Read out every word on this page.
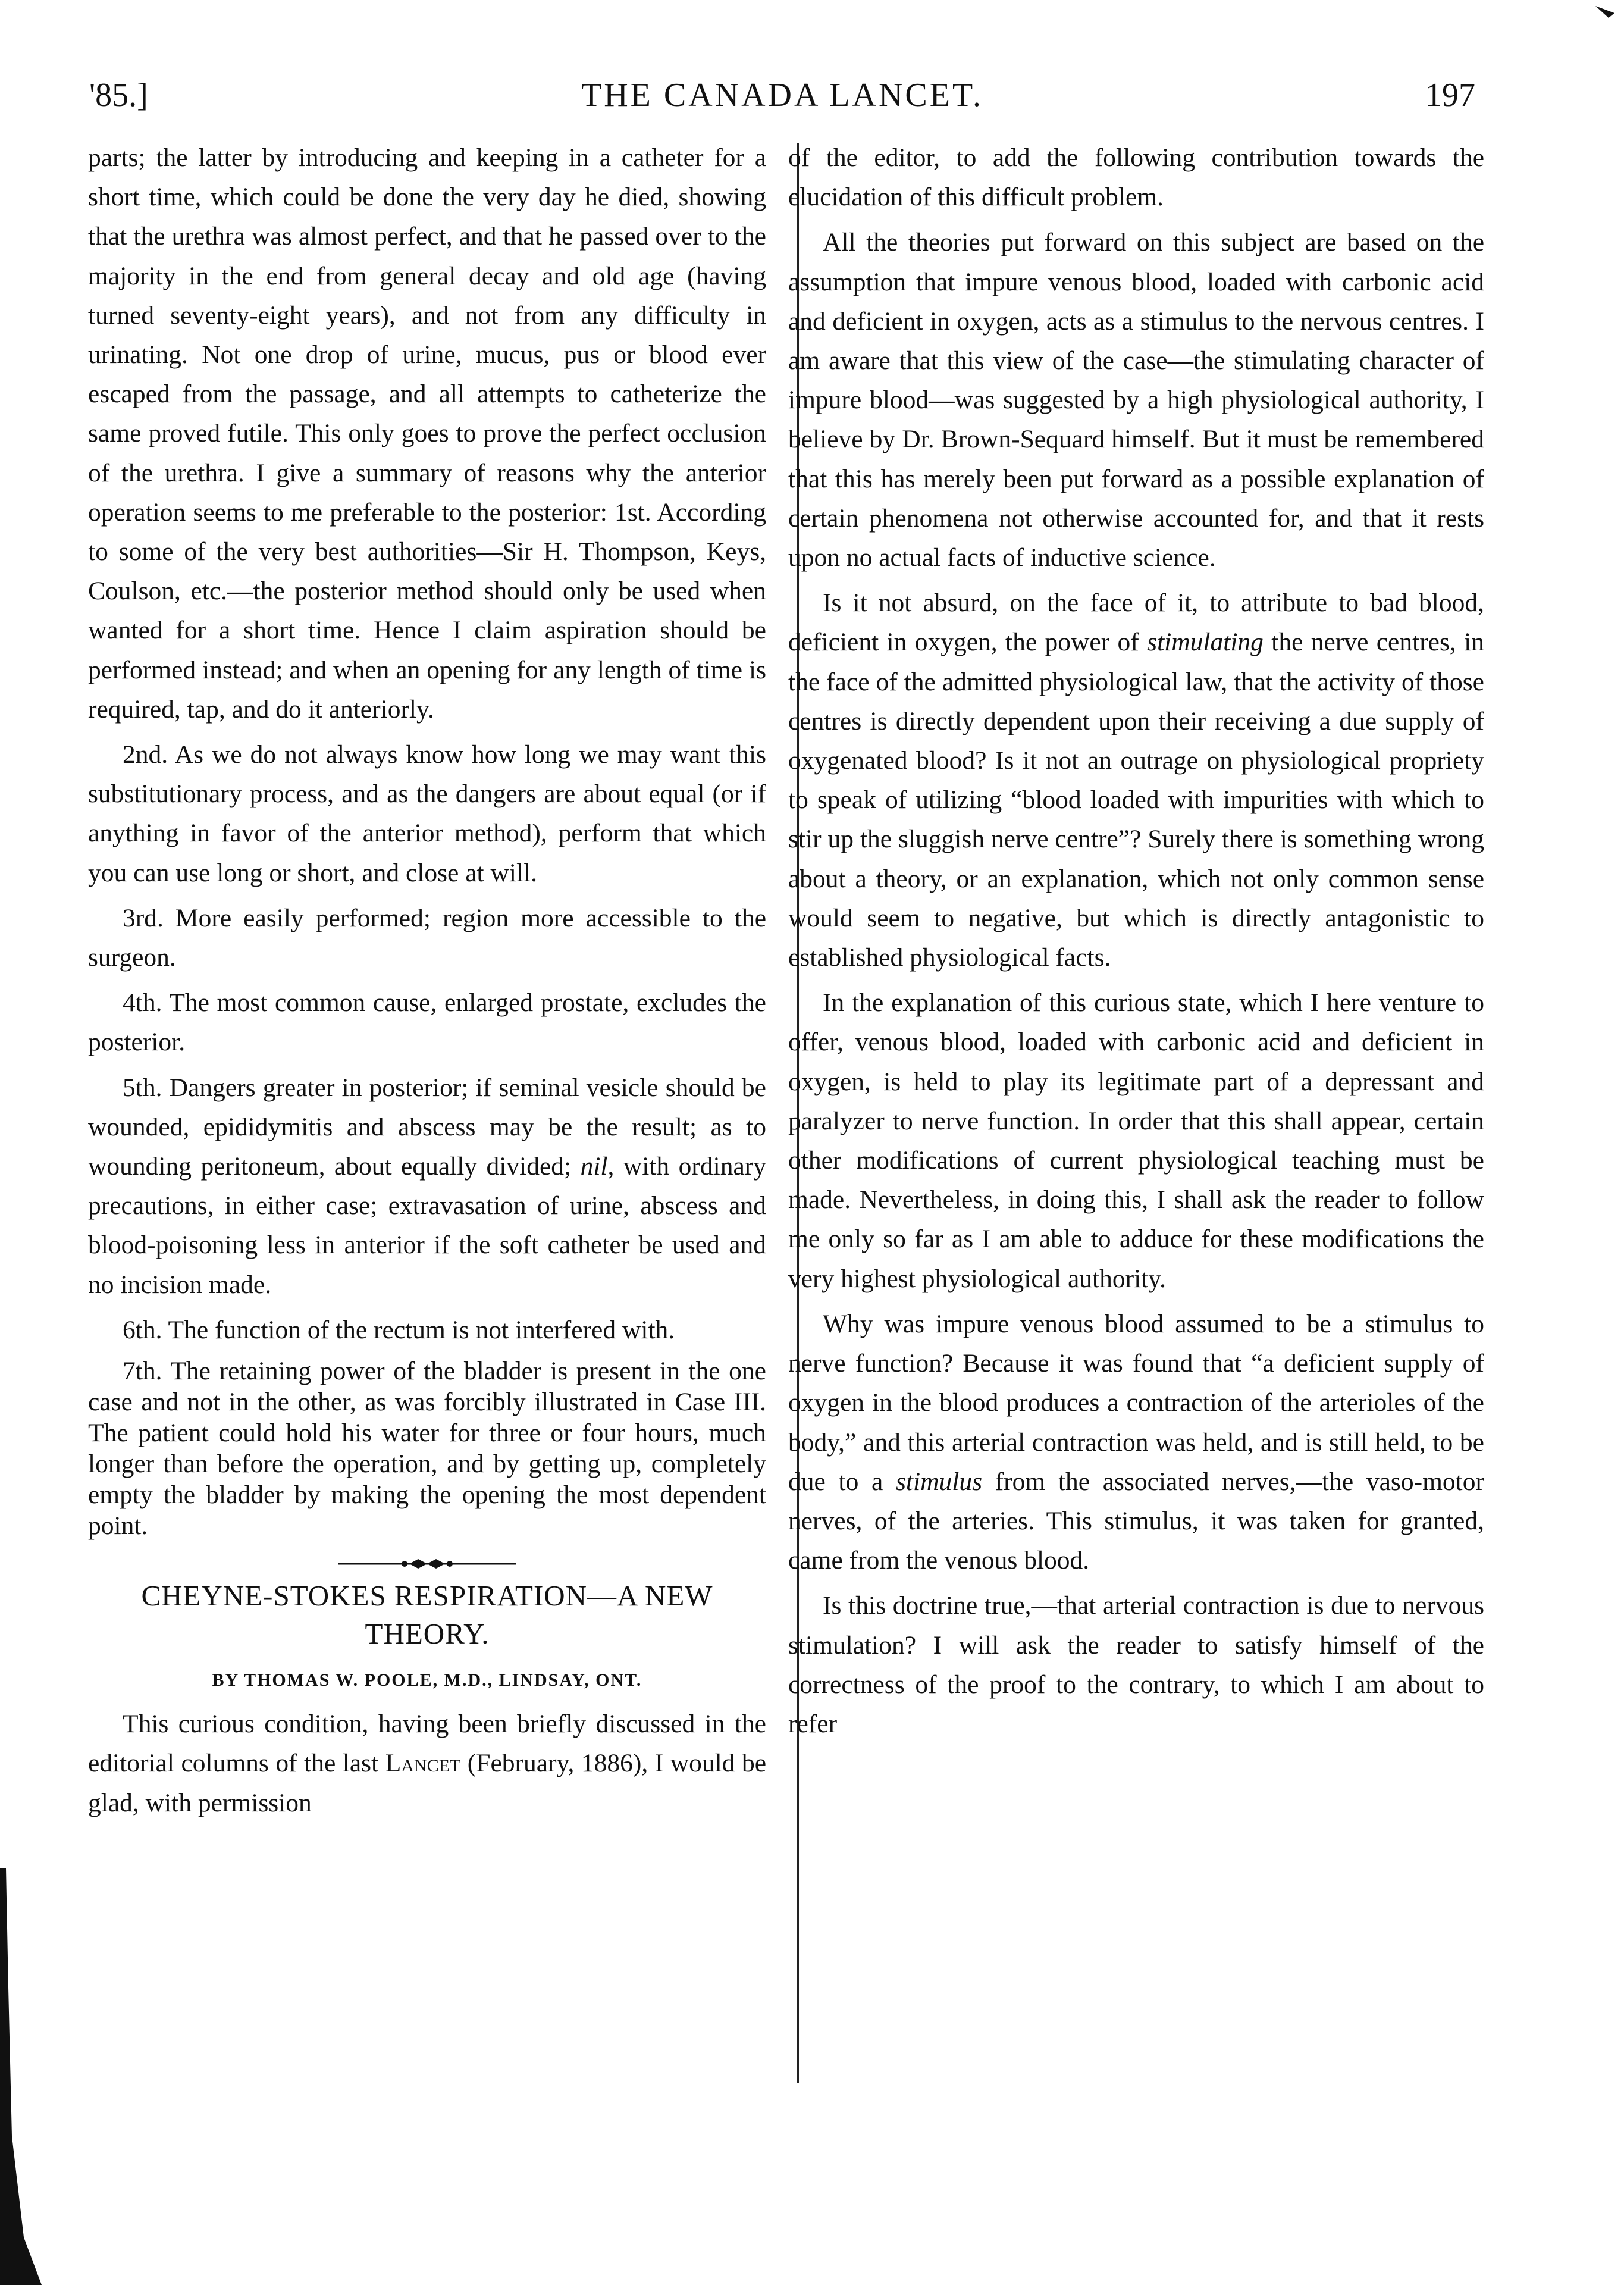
'85.]	THE CANADA LANCET.	197

parts; the latter by introducing and keeping in a catheter for a short time, which could be done the very day he died, showing that the urethra was almost perfect, and that he passed over to the majority in the end from general decay and old age (having turned seventy-eight years), and not from any difficulty in urinating. Not one drop of urine, mucus, pus or blood ever escaped from the passage, and all attempts to catheterize the same proved futile. This only goes to prove the perfect occlusion of the urethra. I give a summary of reasons why the anterior operation seems to me preferable to the posterior: 1st. According to some of the very best authorities—Sir H. Thompson, Keys, Coulson, etc.—the posterior method should only be used when wanted for a short time. Hence I claim aspiration should be performed instead; and when an opening for any length of time is required, tap, and do it anteriorly.

2nd. As we do not always know how long we may want this substitutionary process, and as the dangers are about equal (or if anything in favor of the anterior method), perform that which you can use long or short, and close at will.

3rd. More easily performed; region more accessible to the surgeon.

4th. The most common cause, enlarged prostate, excludes the posterior.

5th. Dangers greater in posterior; if seminal vesicle should be wounded, epididymitis and abscess may be the result; as to wounding peritoneum, about equally divided; nil, with ordinary precautions, in either case; extravasation of urine, abscess and blood-poisoning less in anterior if the soft catheter be used and no incision made.

6th. The function of the rectum is not interfered with.

7th. The retaining power of the bladder is present in the one case and not in the other, as was forcibly illustrated in Case III. The patient could hold his water for three or four hours, much longer than before the operation, and by getting up, completely empty the bladder by making the opening the most dependent point.

CHEYNE-STOKES RESPIRATION—A NEW THEORY.
BY THOMAS W. POOLE, M.D., LINDSAY, ONT.

This curious condition, having been briefly discussed in the editorial columns of the last Lancet (February, 1886), I would be glad, with permission

of the editor, to add the following contribution towards the elucidation of this difficult problem.

All the theories put forward on this subject are based on the assumption that impure venous blood, loaded with carbonic acid and deficient in oxygen, acts as a stimulus to the nervous centres. I am aware that this view of the case—the stimulating character of impure blood—was suggested by a high physiological authority, I believe by Dr. Brown-Sequard himself. But it must be remembered that this has merely been put forward as a possible explanation of certain phenomena not otherwise accounted for, and that it rests upon no actual facts of inductive science.

Is it not absurd, on the face of it, to attribute to bad blood, deficient in oxygen, the power of stimulating the nerve centres, in the face of the admitted physiological law, that the activity of those centres is directly dependent upon their receiving a due supply of oxygenated blood? Is it not an outrage on physiological propriety to speak of utilizing “blood loaded with impurities with which to stir up the sluggish nerve centre”? Surely there is something wrong about a theory, or an explanation, which not only common sense would seem to negative, but which is directly antagonistic to established physiological facts.

In the explanation of this curious state, which I here venture to offer, venous blood, loaded with carbonic acid and deficient in oxygen, is held to play its legitimate part of a depressant and paralyzer to nerve function. In order that this shall appear, certain other modifications of current physiological teaching must be made. Nevertheless, in doing this, I shall ask the reader to follow me only so far as I am able to adduce for these modifications the very highest physiological authority.

Why was impure venous blood assumed to be a stimulus to nerve function? Because it was found that “a deficient supply of oxygen in the blood produces a contraction of the arterioles of the body,” and this arterial contraction was held, and is still held, to be due to a stimulus from the associated nerves,—the vaso-motor nerves, of the arteries. This stimulus, it was taken for granted, came from the venous blood.

Is this doctrine true,—that arterial contraction is due to nervous stimulation? I will ask the reader to satisfy himself of the correctness of the proof to the contrary, to which I am about to refer
